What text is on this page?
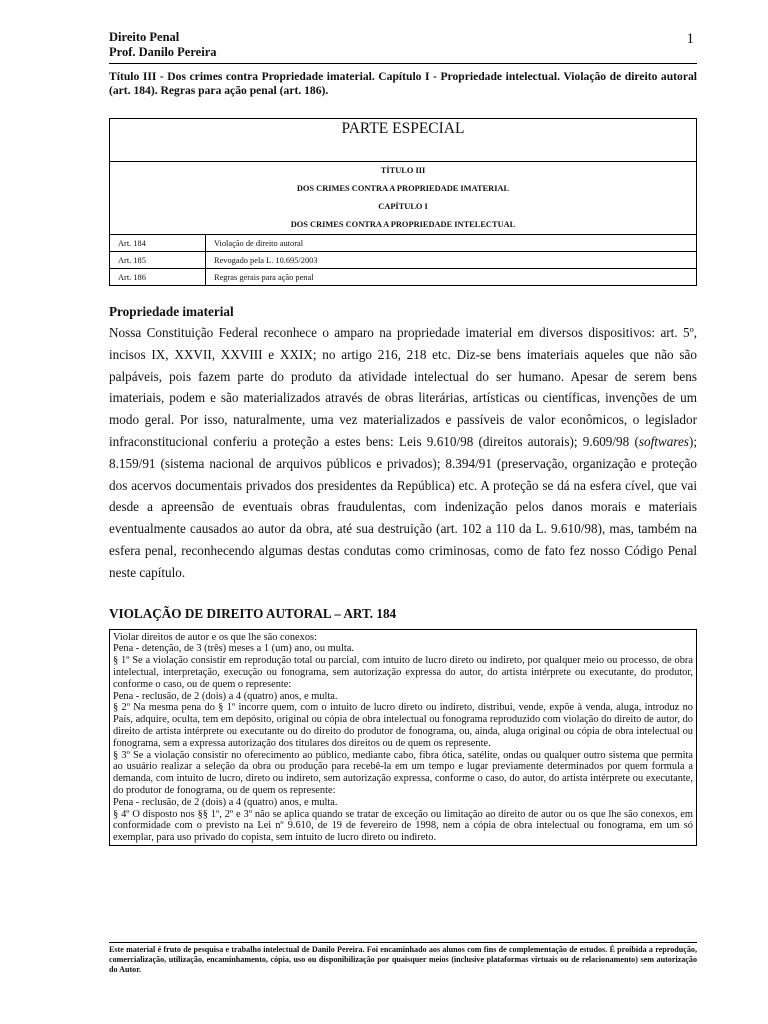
Direito Penal
Prof. Danilo Pereira
1
Título III - Dos crimes contra Propriedade imaterial. Capítulo I - Propriedade intelectual. Violação de direito autoral (art. 184). Regras para ação penal (art. 186).
PARTE ESPECIAL
TÍTULO III
DOS CRIMES CONTRA A PROPRIEDADE IMATERIAL
CAPÍTULO I
DOS CRIMES CONTRA A PROPRIEDADE INTELECTUAL
Art. 184	Violação de direito autoral
Art. 185	Revogado pela L. 10.695/2003
Art. 186	Regras gerais para ação penal
Propriedade imaterial
Nossa Constituição Federal reconhece o amparo na propriedade imaterial em diversos dispositivos: art. 5º, incisos IX, XXVII, XXVIII e XXIX; no artigo 216, 218 etc. Diz-se bens imateriais aqueles que não são palpáveis, pois fazem parte do produto da atividade intelectual do ser humano. Apesar de serem bens imateriais, podem e são materializados através de obras literárias, artísticas ou científicas, invenções de um modo geral. Por isso, naturalmente, uma vez materializados e passíveis de valor econômicos, o legislador infraconstitucional conferiu a proteção a estes bens: Leis 9.610/98 (direitos autorais); 9.609/98 (softwares); 8.159/91 (sistema nacional de arquivos públicos e privados); 8.394/91 (preservação, organização e proteção dos acervos documentais privados dos presidentes da República) etc. A proteção se dá na esfera cível, que vai desde a apreensão de eventuais obras fraudulentas, com indenização pelos danos morais e materiais eventualmente causados ao autor da obra, até sua destruição (art. 102 a 110 da L. 9.610/98), mas, também na esfera penal, reconhecendo algumas destas condutas como criminosas, como de fato fez nosso Código Penal neste capítulo.
VIOLAÇÃO DE DIREITO AUTORAL – ART. 184

Violar direitos de autor e os que lhe são conexos:

Pena - detenção, de 3 (três) meses a 1 (um) ano, ou multa.

§ 1º Se a violação consistir em reprodução total ou parcial, com intuito de lucro direto ou indireto, por qualquer meio ou processo, de obra intelectual, interpretação, execução ou fonograma, sem autorização expressa do autor, do artista intérprete ou executante, do produtor, conforme o caso, ou de quem o represente:

Pena - reclusão, de 2 (dois) a 4 (quatro) anos, e multa.

§ 2º Na mesma pena do § 1º incorre quem, com o intuito de lucro direto ou indireto, distribui, vende, expõe à venda, aluga, introduz no País, adquire, oculta, tem em depósito, original ou cópia de obra intelectual ou fonograma reproduzido com violação do direito de autor, do direito de artista intérprete ou executante ou do direito do produtor de fonograma, ou, ainda, aluga original ou cópia de obra intelectual ou fonograma, sem a expressa autorização dos titulares dos direitos ou de quem os represente.

§ 3º Se a violação consistir no oferecimento ao público, mediante cabo, fibra ótica, satélite, ondas ou qualquer outro sistema que permita ao usuário realizar a seleção da obra ou produção para recebê-la em um tempo e lugar previamente determinados por quem formula a demanda, com intuito de lucro, direto ou indireto, sem autorização expressa, conforme o caso, do autor, do artista intérprete ou executante, do produtor de fonograma, ou de quem os represente:

Pena - reclusão, de 2 (dois) a 4 (quatro) anos, e multa.

§ 4º O disposto nos §§ 1º, 2º e 3º não se aplica quando se tratar de exceção ou limitação ao direito de autor ou os que lhe são conexos, em conformidade com o previsto na Lei nº 9.610, de 19 de fevereiro de 1998, nem a cópia de obra intelectual ou fonograma, em um só exemplar, para uso privado do copista, sem intuito de lucro direto ou indireto.

Este material é fruto de pesquisa e trabalho intelectual de Danilo Pereira. Foi encaminhado aos alunos com fins de complementação de estudos. É proibida a reprodução, comercialização, utilização, encaminhamento, cópia, uso ou disponibilização por quaisquer meios (inclusive plataformas virtuais ou de relacionamento) sem autorização do Autor.
